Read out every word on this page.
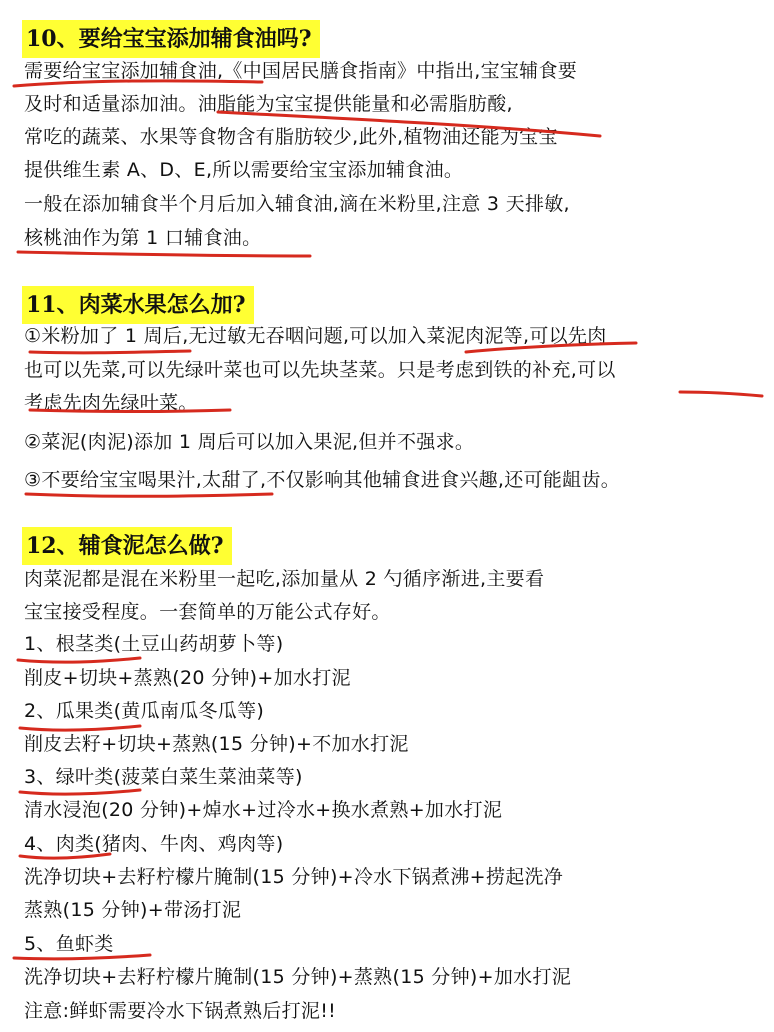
10、要给宝宝添加辅食油吗?
需要给宝宝添加辅食油,《中国居民膳食指南》中指出,宝宝辅食要
及时和适量添加油。油脂能为宝宝提供能量和必需脂肪酸,
常吃的蔬菜、水果等食物含有脂肪较少,此外,植物油还能为宝宝
提供维生素 A、D、E,所以需要给宝宝添加辅食油。
一般在添加辅食半个月后加入辅食油,滴在米粉里,注意 3 天排敏,
核桃油作为第 1 口辅食油。
11、肉菜水果怎么加?
①米粉加了 1 周后,无过敏无吞咽问题,可以加入菜泥肉泥等,可以先肉
也可以先菜,可以先绿叶菜也可以先块茎菜。只是考虑到铁的补充,可以
考虑先肉先绿叶菜。
②菜泥(肉泥)添加 1 周后可以加入果泥,但并不强求。
③不要给宝宝喝果汁,太甜了,不仅影响其他辅食进食兴趣,还可能龃齿。
12、辅食泥怎么做?
肉菜泥都是混在米粉里一起吃,添加量从 2 勺循序渐进,主要看
宝宝接受程度。一套简单的万能公式存好。
1、根茎类(土豆山药胡萝卜等)
削皮+切块+蒸熟(20 分钟)+加水打泥
2、瓜果类(黄瓜南瓜冬瓜等)
削皮去籽+切块+蒸熟(15 分钟)+不加水打泥
3、绿叶类(菠菜白菜生菜油菜等)
清水浸泡(20 分钟)+焯水+过冷水+换水煮熟+加水打泥
4、肉类(猪肉、牛肉、鸡肉等)
洗净切块+去籽柠檬片腌制(15 分钟)+冷水下锅煮沸+捞起洗净
蒸熟(15 分钟)+带汤打泥
5、鱼虾类
洗净切块+去籽柠檬片腌制(15 分钟)+蒸熟(15 分钟)+加水打泥
注意:鲜虾需要冷水下锅煮熟后打泥!!
